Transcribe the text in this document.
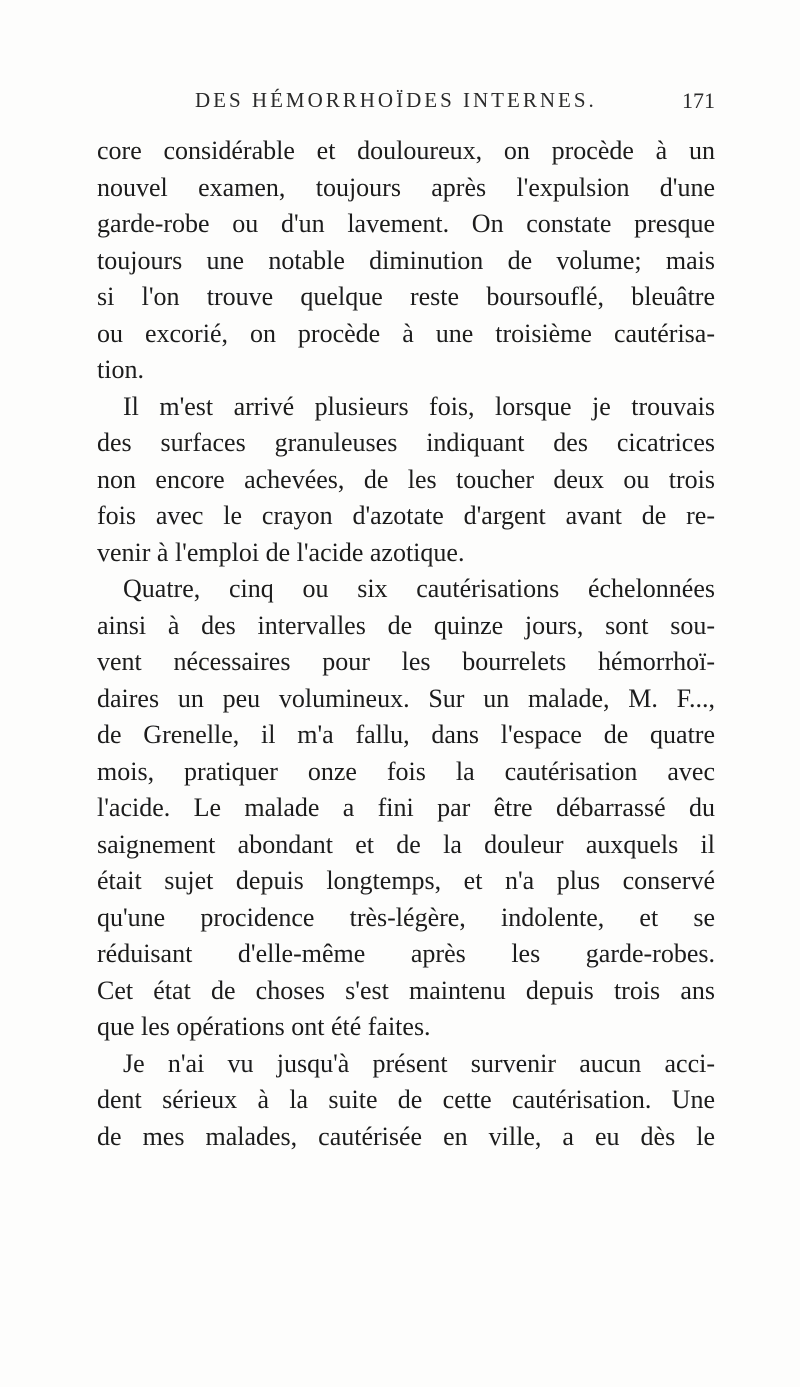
DES HÉMORRHOÏDES INTERNES.	171
core considérable et douloureux, on procède à un
nouvel examen, toujours après l'expulsion d'une
garde-robe ou d'un lavement. On constate presque
toujours une notable diminution de volume; mais
si l'on trouve quelque reste boursouflé, bleuâtre
ou excorié, on procède à une troisième cautérisa-
tion.
Il m'est arrivé plusieurs fois, lorsque je trouvais
des surfaces granuleuses indiquant des cicatrices
non encore achevées, de les toucher deux ou trois
fois avec le crayon d'azotate d'argent avant de re-
venir à l'emploi de l'acide azotique.
Quatre, cinq ou six cautérisations échelonnées
ainsi à des intervalles de quinze jours, sont sou-
vent nécessaires pour les bourrelets hémorrhoï-
daires un peu volumineux. Sur un malade, M. F...,
de Grenelle, il m'a fallu, dans l'espace de quatre
mois, pratiquer onze fois la cautérisation avec
l'acide. Le malade a fini par être débarrassé du
saignement abondant et de la douleur auxquels il
était sujet depuis longtemps, et n'a plus conservé
qu'une procidence très-légère, indolente, et se
réduisant d'elle-même après les garde-robes.
Cet état de choses s'est maintenu depuis trois ans
que les opérations ont été faites.
Je n'ai vu jusqu'à présent survenir aucun acci-
dent sérieux à la suite de cette cautérisation. Une
de mes malades, cautérisée en ville, a eu dès le
